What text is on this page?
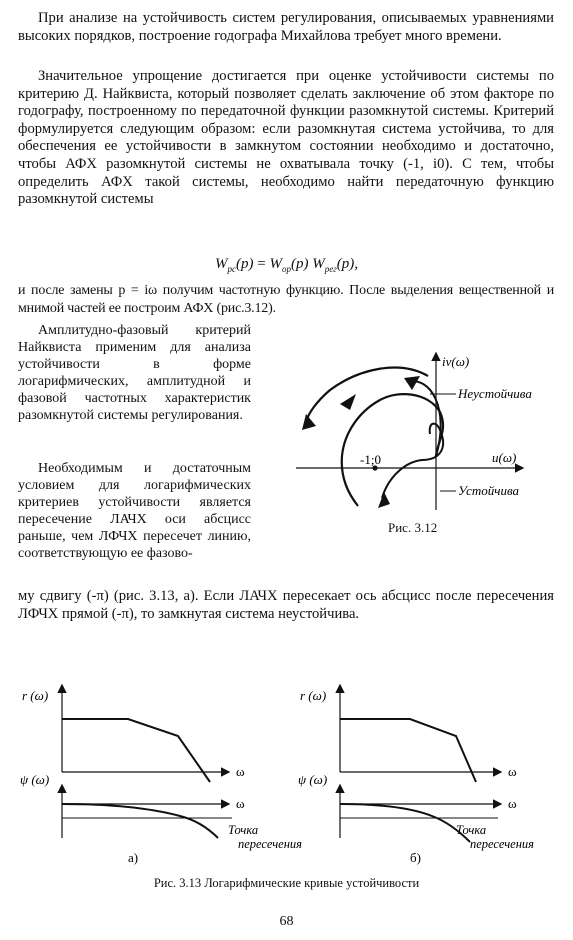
При анализе на устойчивость систем регулирования, описываемых уравнениями высоких порядков, построение годографа Михайлова требует много времени.
Значительное упрощение достигается при оценке устойчивости системы по критерию Д. Найквиста, который позволяет сделать заключение об этом факторе по годографу, построенному по передаточной функции разомкнутой системы. Критерий формулируется следующим образом: если разомкнутая система устойчива, то для обеспечения ее устойчивости в замкнутом состоянии необходимо и достаточно, чтобы АФХ разомкнутой системы не охватывала точку (-1, i0). С тем, чтобы определить АФХ такой системы, необходимо найти передаточную функцию разомкнутой системы
$W_{рс}(p) = W_{ор}(p)$ $W_{рег}(p)$,
и после замены p = iω получим частотную функцию. После выделения вещественной и мнимой частей ее построим АФХ (рис.3.12).
Амплитудно-фазовый критерий Найквиста применим для анализа устойчивости в форме логарифмических, амплитудной и фазовой частотных характеристик разомкнутой системы регулирования.
Необходимым и достаточным условием для логарифмических критериев устойчивости является пересечение ЛАЧХ оси абсцисс раньше, чем ЛФЧХ пересечет линию, соответствующую ее фазово-
му сдвигу (-π) (рис. 3.13, а). Если ЛАЧХ пересекает ось абсцисс после пересечения ЛФЧХ прямой (-π), то замкнутая система неустойчива.
iv(ω)
u(ω)
-1;0
Неустойчива
Устойчива
Рис. 3.12
r (ω)
ω
ψ (ω)
ω
Точка
пересечения
а)
r (ω)
ω
ψ (ω)
ω
Точка
пересечения
б)
Рис. 3.13 Логарифмические кривые устойчивости
68
